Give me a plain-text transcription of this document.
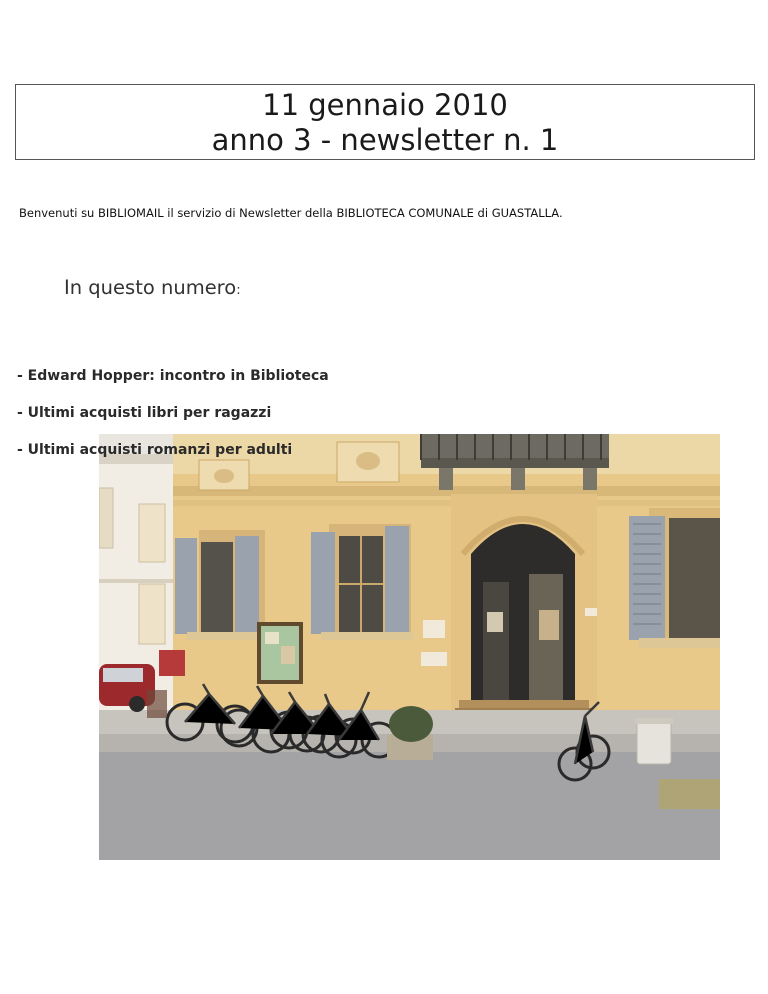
11 gennaio 2010
anno 3 - newsletter n. 1
Benvenuti su BIBLIOMAIL il servizio di Newsletter della BIBLIOTECA COMUNALE di GUASTALLA.
In questo numero:
- Edward Hopper: incontro in Biblioteca
- Ultimi acquisti libri per ragazzi
- Ultimi acquisti romanzi per adulti
